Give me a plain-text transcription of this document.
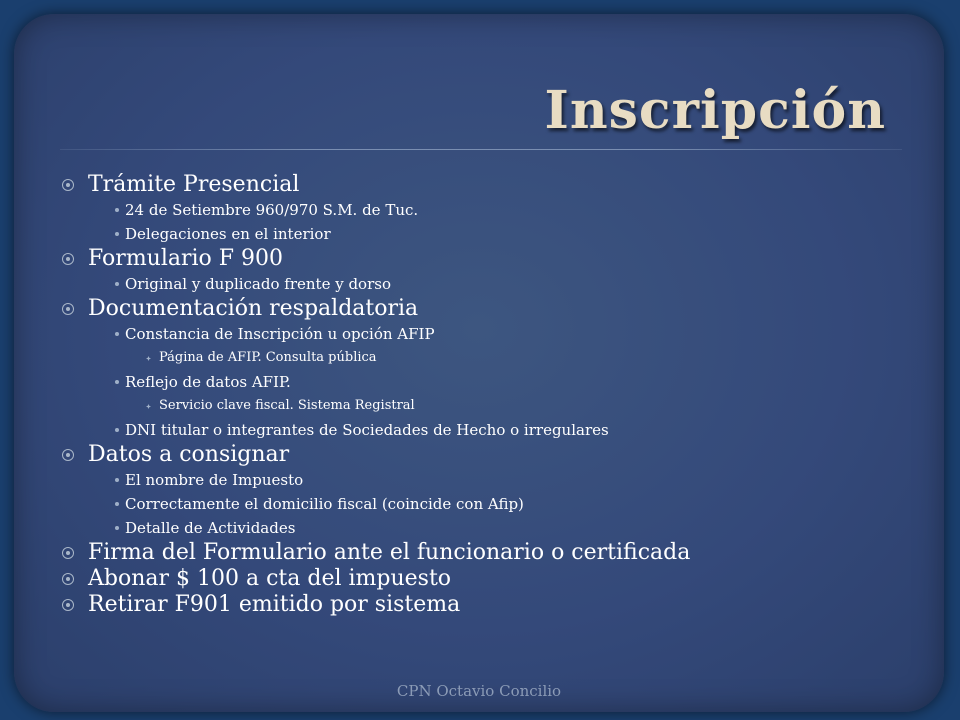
Inscripción
Trámite Presencial
24 de Setiembre 960/970 S.M. de Tuc.
Delegaciones en el interior
Formulario F 900
Original y duplicado frente y dorso
Documentación respaldatoria
Constancia de Inscripción u opción AFIP
Página de AFIP. Consulta pública
Reflejo de datos AFIP.
Servicio clave fiscal. Sistema Registral
DNI titular o integrantes de Sociedades de Hecho o irregulares
Datos a consignar
El nombre de Impuesto
Correctamente el domicilio fiscal (coincide con Afip)
Detalle de Actividades
Firma del Formulario ante el funcionario o certificada
Abonar $ 100 a cta del impuesto
Retirar F901 emitido por sistema
CPN Octavio Concilio
